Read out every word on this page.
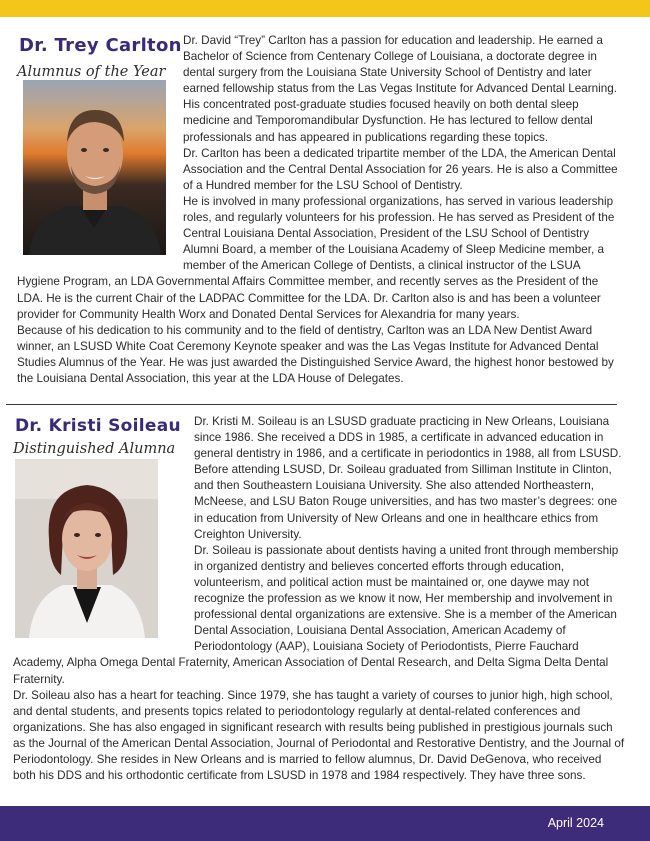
Dr. Trey Carlton
Alumnus of the Year

Dr. David “Trey” Carlton has a passion for education and leadership. He earned a Bachelor of Science from Centenary College of Louisiana, a doctorate degree in dental surgery from the Louisiana State University School of Dentistry and later earned fellowship status from the Las Vegas Institute for Advanced Dental Learning. His concentrated post-graduate studies focused heavily on both dental sleep medicine and Temporomandibular Dysfunction. He has lectured to fellow dental professionals and has appeared in publications regarding these topics.

Dr. Carlton has been a dedicated tripartite member of the LDA, the American Dental Association and the Central Dental Association for 26 years. He is also a Committee of a Hundred member for the LSU School of Dentistry.

He is involved in many professional organizations, has served in various leadership roles, and regularly volunteers for his profession. He has served as President of the Central Louisiana Dental Association, President of the LSU School of Dentistry Alumni Board, a member of the Louisiana Academy of Sleep Medicine member, a member of the American College of Dentists, a clinical instructor of the LSUA Hygiene Program, an LDA Governmental Affairs Committee member, and recently serves as the President of the LDA. He is the current Chair of the LADPAC Committee for the LDA. Dr. Carlton also is and has been a volunteer provider for Community Health Worx and Donated Dental Services for Alexandria for many years.

Because of his dedication to his community and to the field of dentistry, Carlton was an LDA New Dentist Award winner, an LSUSD White Coat Ceremony Keynote speaker and was the Las Vegas Institute for Advanced Dental Studies Alumnus of the Year. He was just awarded the Distinguished Service Award, the highest honor bestowed by the Louisiana Dental Association, this year at the LDA House of Delegates.

Dr. Kristi Soileau
Distinguished Alumna

Dr. Kristi M. Soileau is an LSUSD graduate practicing in New Orleans, Louisiana since 1986. She received a DDS in 1985, a certificate in advanced education in general dentistry in 1986, and a certificate in periodontics in 1988, all from LSUSD. Before attending LSUSD, Dr. Soileau graduated from Silliman Institute in Clinton, and then Southeastern Louisiana University. She also attended Northeastern, McNeese, and LSU Baton Rouge universities, and has two master’s degrees: one in education from University of New Orleans and one in healthcare ethics from Creighton University.

Dr. Soileau is passionate about dentists having a united front through membership in organized dentistry and believes concerted efforts through education, volunteerism, and political action must be maintained or, one daywe may not recognize the profession as we know it now, Her membership and involvement in professional dental organizations are extensive. She is a member of the American Dental Association, Louisiana Dental Association, American Academy of Periodontology (AAP), Louisiana Society of Periodontists, Pierre Fauchard Academy, Alpha Omega Dental Fraternity, American Association of Dental Research, and Delta Sigma Delta Dental Fraternity.

Dr. Soileau also has a heart for teaching. Since 1979, she has taught a variety of courses to junior high, high school, and dental students, and presents topics related to periodontology regularly at dental-related conferences and organizations. She has also engaged in significant research with results being published in prestigious journals such as the Journal of the American Dental Association, Journal of Periodontal and Restorative Dentistry, and the Journal of Periodontology. She resides in New Orleans and is married to fellow alumnus, Dr. David DeGenova, who received both his DDS and his orthodontic certificate from LSUSD in 1978 and 1984 respectively. They have three sons.

April 2024
